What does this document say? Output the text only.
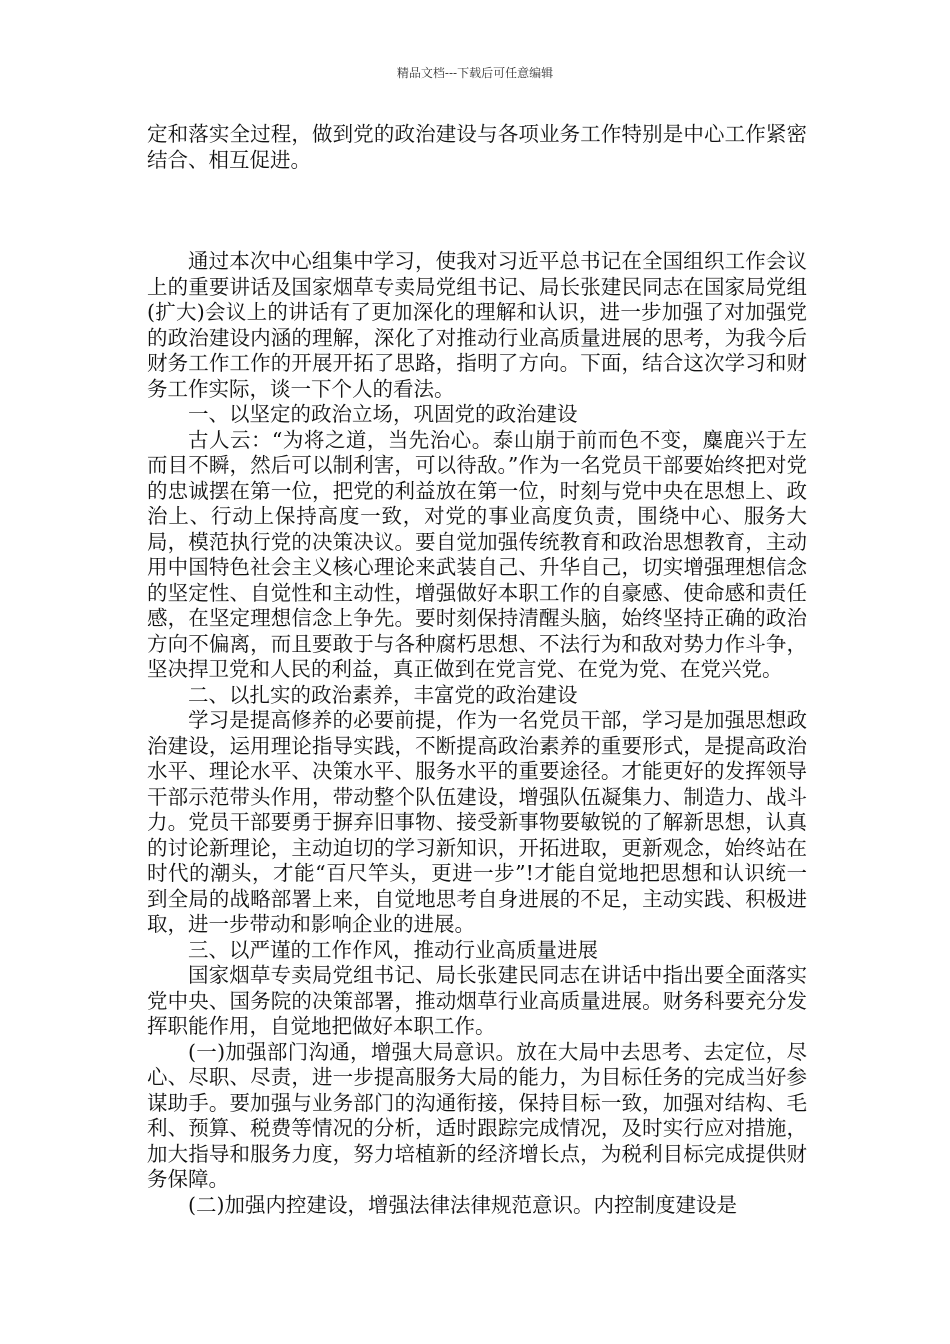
精品文档---下载后可任意编辑

定和落实全过程，做到党的政治建设与各项业务工作特别是中心工作紧密结合、相互促进。

通过本次中心组集中学习，使我对习近平总书记在全国组织工作会议上的重要讲话及国家烟草专卖局党组书记、局长张建民同志在国家局党组(扩大)会议上的讲话有了更加深化的理解和认识，进一步加强了对加强党的政治建设内涵的理解，深化了对推动行业高质量进展的思考，为我今后财务工作工作的开展开拓了思路，指明了方向。下面，结合这次学习和财务工作实际，谈一下个人的看法。

一、以坚定的政治立场，巩固党的政治建设

古人云：“为将之道，当先治心。泰山崩于前而色不变，麋鹿兴于左而目不瞬，然后可以制利害，可以待敌。”作为一名党员干部要始终把对党的忠诚摆在第一位，把党的利益放在第一位，时刻与党中央在思想上、政治上、行动上保持高度一致，对党的事业高度负责，围绕中心、服务大局，模范执行党的决策决议。要自觉加强传统教育和政治思想教育，主动用中国特色社会主义核心理论来武装自己、升华自己，切实增强理想信念的坚定性、自觉性和主动性，增强做好本职工作的自豪感、使命感和责任感，在坚定理想信念上争先。要时刻保持清醒头脑，始终坚持正确的政治方向不偏离，而且要敢于与各种腐朽思想、不法行为和敌对势力作斗争，坚决捍卫党和人民的利益，真正做到在党言党、在党为党、在党兴党。

二、以扎实的政治素养，丰富党的政治建设

学习是提高修养的必要前提，作为一名党员干部，学习是加强思想政治建设，运用理论指导实践，不断提高政治素养的重要形式，是提高政治水平、理论水平、决策水平、服务水平的重要途径。才能更好的发挥领导干部示范带头作用，带动整个队伍建设，增强队伍凝集力、制造力、战斗力。党员干部要勇于摒弃旧事物、接受新事物要敏锐的了解新思想，认真的讨论新理论，主动迫切的学习新知识，开拓进取，更新观念，始终站在时代的潮头，才能“百尺竿头，更进一步”!才能自觉地把思想和认识统一到全局的战略部署上来，自觉地思考自身进展的不足，主动实践、积极进取，进一步带动和影响企业的进展。

三、以严谨的工作作风，推动行业高质量进展

国家烟草专卖局党组书记、局长张建民同志在讲话中指出要全面落实党中央、国务院的决策部署，推动烟草行业高质量进展。财务科要充分发挥职能作用，自觉地把做好本职工作。

(一)加强部门沟通，增强大局意识。放在大局中去思考、去定位，尽心、尽职、尽责，进一步提高服务大局的能力，为目标任务的完成当好参谋助手。要加强与业务部门的沟通衔接，保持目标一致，加强对结构、毛利、预算、税费等情况的分析，适时跟踪完成情况，及时实行应对措施，加大指导和服务力度，努力培植新的经济增长点，为税利目标完成提供财务保障。

(二)加强内控建设，增强法律法律规范意识。内控制度建设是
